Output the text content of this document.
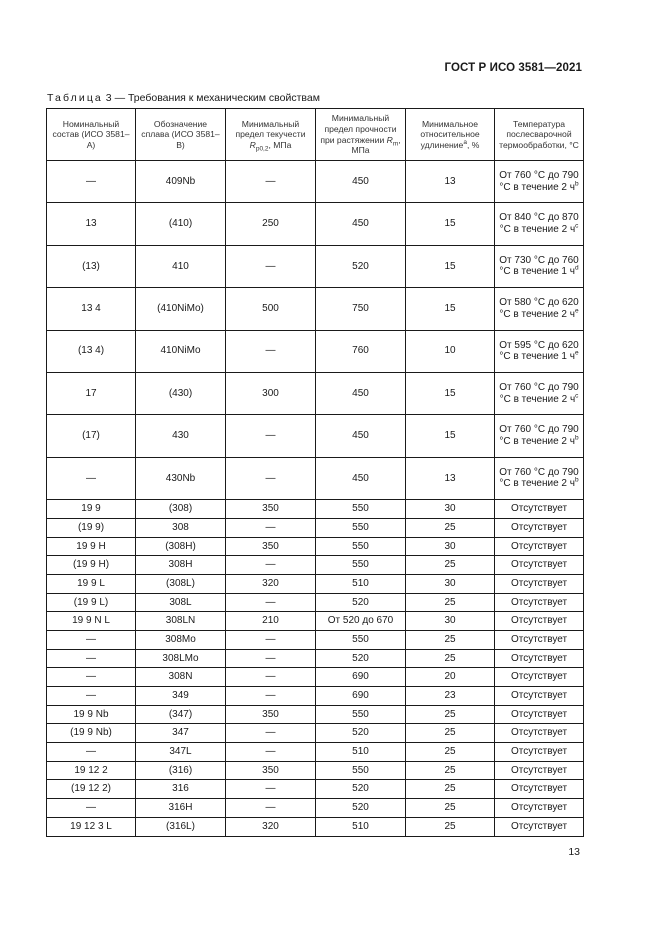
ГОСТ Р ИСО 3581—2021
Таблица 3 — Требования к механическим свойствам
Номинальный состав (ИСО 3581–A)	Обозначение сплава (ИСО 3581–B)	Минимальный предел текучести $R_{p0,2}$, МПа	Минимальный предел прочности при растяжении $R_m$, МПа	Минимальное относительное удлинение$^a$, %	Температура послесварочной термообработки, °C
—	409Nb	—	450	13	От 760 °C до 790 °C в течение 2 $ч^b$
13	(410)	250	450	15	От 840 °C до 870 °C в течение 2 $ч^c$
(13)	410	—	520	15	От 730 °C до 760 °C в течение 1 $ч^d$
13 4	(410NiMo)	500	750	15	От 580 °C до 620 °C в течение 2 $ч^e$
(13 4)	410NiMo	—	760	10	От 595 °C до 620 °C в течение 1 $ч^e$
17	(430)	300	450	15	От 760 °C до 790 °C в течение 2 $ч^c$
(17)	430	—	450	15	От 760 °C до 790 °C в течение 2 $ч^b$
—	430Nb	—	450	13	От 760 °C до 790 °C в течение 2 $ч^b$
19 9	(308)	350	550	30	Отсутствует
(19 9)	308	—	550	25	Отсутствует
19 9 H	(308H)	350	550	30	Отсутствует
(19 9 H)	308H	—	550	25	Отсутствует
19 9 L	(308L)	320	510	30	Отсутствует
(19 9 L)	308L	—	520	25	Отсутствует
19 9 N L	308LN	210	От 520 до 670	30	Отсутствует
—	308Mo	—	550	25	Отсутствует
—	308LMo	—	520	25	Отсутствует
—	308N	—	690	20	Отсутствует
—	349	—	690	23	Отсутствует
19 9 Nb	(347)	350	550	25	Отсутствует
(19 9 Nb)	347	—	520	25	Отсутствует
—	347L	—	510	25	Отсутствует
19 12 2	(316)	350	550	25	Отсутствует
(19 12 2)	316	—	520	25	Отсутствует
—	316H	—	520	25	Отсутствует
19 12 3 L	(316L)	320	510	25	Отсутствует
13
